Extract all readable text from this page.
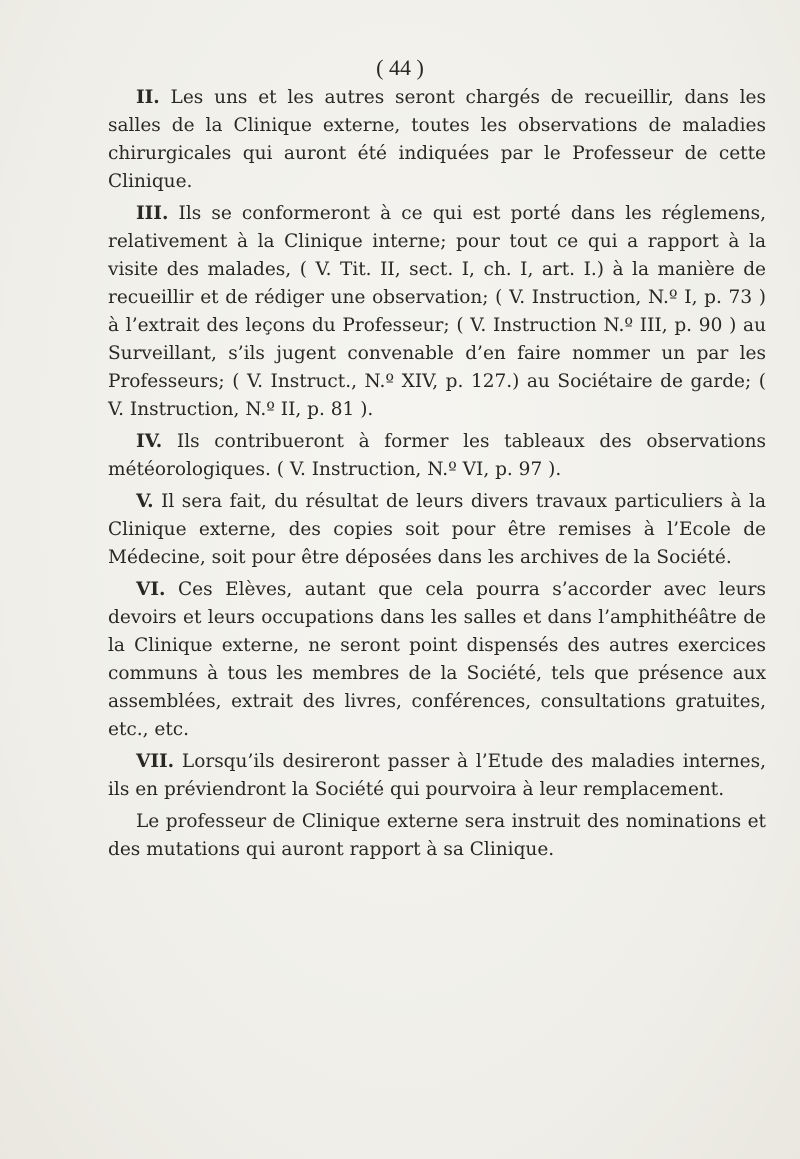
( 44 )

II. Les uns et les autres seront chargés de recueillir, dans les salles de la Clinique externe, toutes les observations de maladies chirurgicales qui auront été indiquées par le Professeur de cette Clinique.

III. Ils se conformeront à ce qui est porté dans les réglemens, relativement à la Clinique interne; pour tout ce qui a rapport à la visite des malades, ( V. Tit. II, sect. I, ch. I, art. I.) à la manière de recueillir et de rédiger une observation; ( V. Instruction, N.º I, p. 73 ) à l’extrait des leçons du Professeur; ( V. Instruction N.º III, p. 90 ) au Surveillant, s’ils jugent convenable d’en faire nommer un par les Professeurs; ( V. Instruct., N.º XIV, p. 127.) au Sociétaire de garde; ( V. Instruction, N.º II, p. 81 ).

IV. Ils contribueront à former les tableaux des observations météorologiques. ( V. Instruction, N.º VI, p. 97 ).

V. Il sera fait, du résultat de leurs divers travaux particuliers à la Clinique externe, des copies soit pour être remises à l’Ecole de Médecine, soit pour être déposées dans les archives de la Société.

VI. Ces Elèves, autant que cela pourra s’accorder avec leurs devoirs et leurs occupations dans les salles et dans l’amphithéâtre de la Clinique externe, ne seront point dispensés des autres exercices communs à tous les membres de la Société, tels que présence aux assemblées, extrait des livres, conférences, consultations gratuites, etc., etc.

VII. Lorsqu’ils desireront passer à l’Etude des maladies internes, ils en préviendront la Société qui pourvoira à leur remplacement.

Le professeur de Clinique externe sera instruit des nominations et des mutations qui auront rapport à sa Clinique.
